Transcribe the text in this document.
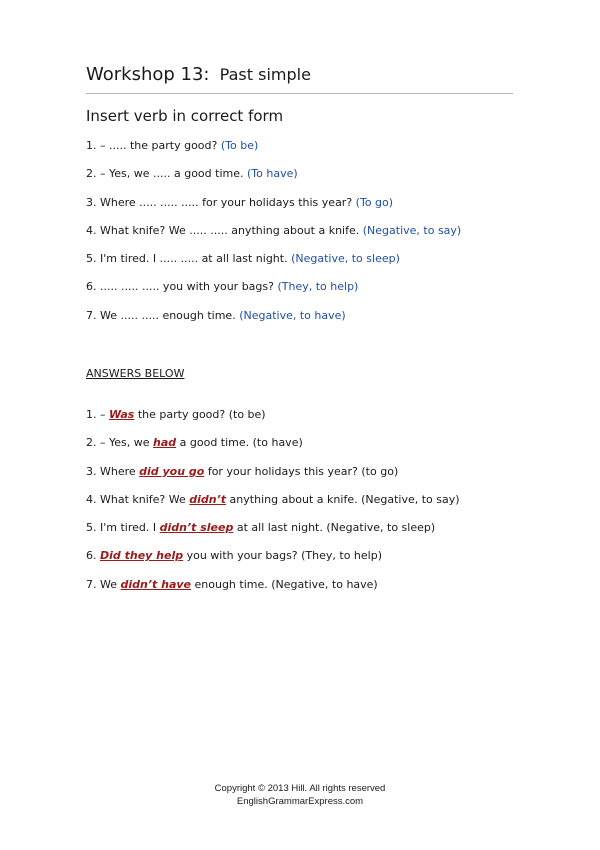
Workshop 13: Past simple
Insert verb in correct form
1. – ..... the party good? (To be)
2. – Yes, we ..... a good time. (To have)
3. Where ..... ..... ..... for your holidays this year? (To go)
4. What knife? We ..... ..... anything about a knife. (Negative, to say)
5. I'm tired. I ..... ..... at all last night. (Negative, to sleep)
6. ..... ..... ..... you with your bags? (They, to help)
7. We ..... ..... enough time. (Negative, to have)
ANSWERS BELOW
1. – Was the party good? (to be)
2. – Yes, we had a good time. (to have)
3. Where did you go for your holidays this year? (to go)
4. What knife? We didn’t anything about a knife. (Negative, to say)
5. I'm tired. I didn’t sleep at all last night. (Negative, to sleep)
6. Did they help you with your bags? (They, to help)
7. We didn’t have enough time. (Negative, to have)
Copyright © 2013 Hill. All rights reserved
EnglishGrammarExpress.com
